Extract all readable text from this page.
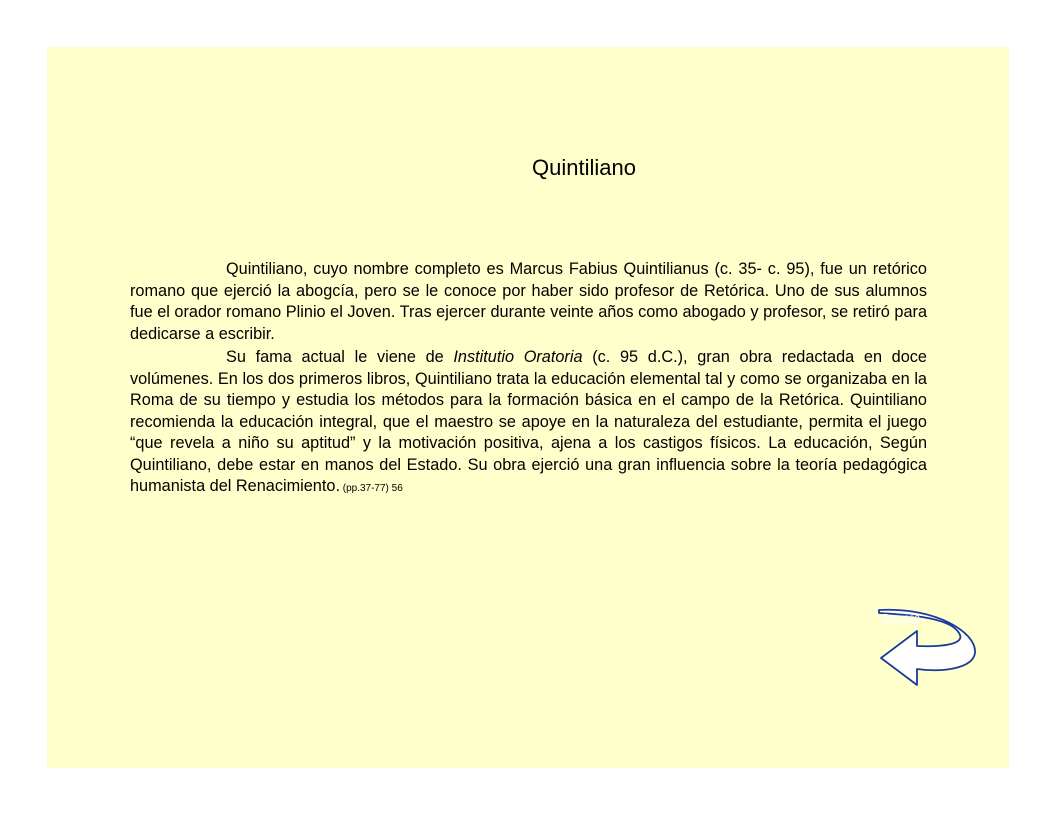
Quintiliano

Quintiliano, cuyo nombre completo es Marcus Fabius Quintilianus (c. 35- c. 95), fue un retórico romano que ejerció la abogcía, pero se le conoce por haber sido profesor de Retórica. Uno de sus alumnos fue el orador romano Plinio el Joven. Tras ejercer durante veinte años como abogado y profesor, se retiró para dedicarse a escribir.

Su fama actual le viene de Institutio Oratoria (c. 95 d.C.), gran obra redactada en doce volúmenes. En los dos primeros libros, Quintiliano trata la educación elemental tal y como se organizaba en la Roma de su tiempo y estudia los métodos para la formación básica en el campo de la Retórica. Quintiliano recomienda la educación integral, que el maestro se apoye en la naturaleza del estudiante, permita el juego “que revela a niño su aptitud” y la motivación positiva, ajena a los castigos físicos. La educación, Según Quintiliano, debe estar en manos del Estado. Su obra ejerció una gran influencia sobre la teoría pedagógica humanista del Renacimiento. (pp.37-77) 56

Regreso
